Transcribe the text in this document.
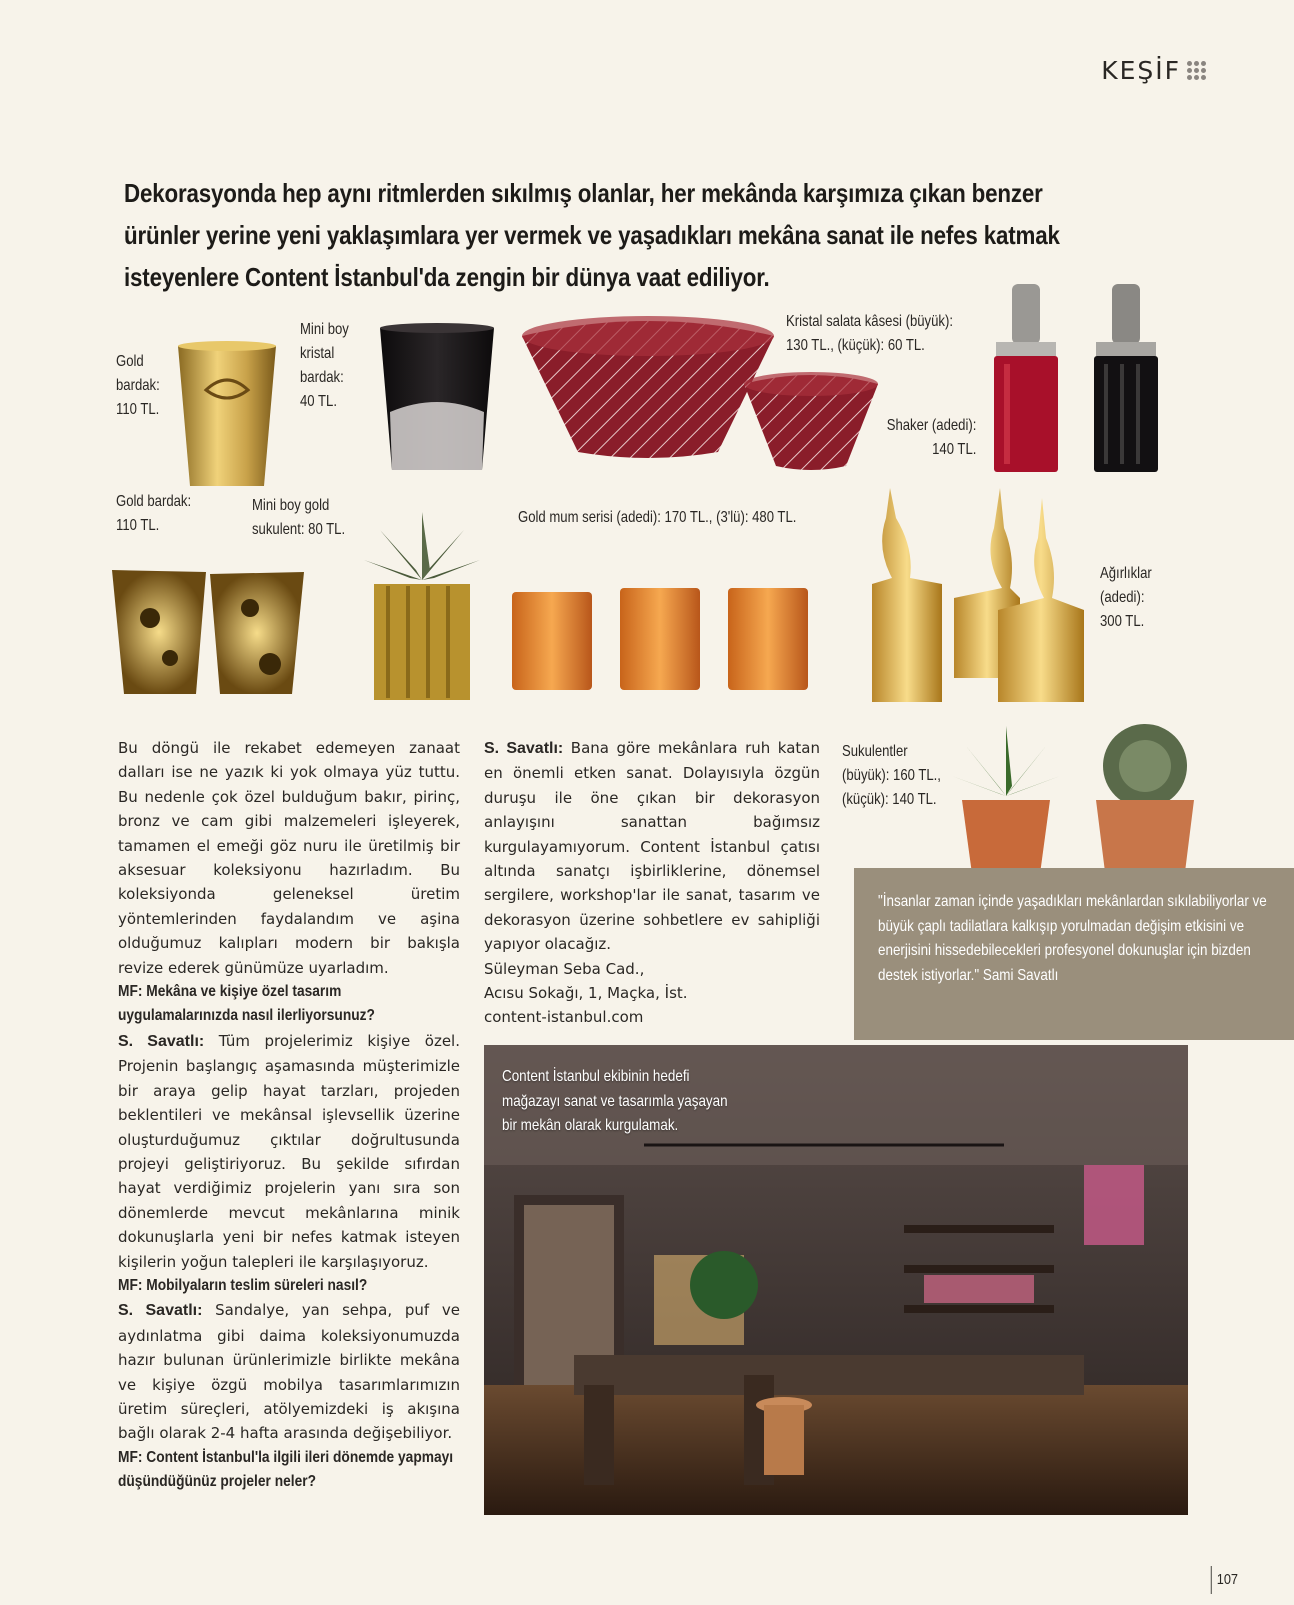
KEŞİF
Dekorasyonda hep aynı ritmlerden sıkılmış olanlar, her mekânda karşımıza çıkan benzer ürünler yerine yeni yaklaşımlara yer vermek ve yaşadıkları mekâna sanat ile nefes katmak isteyenlere Content İstanbul'da zengin bir dünya vaat ediliyor.
Gold
bardak:
110 TL.
Mini boy
kristal
bardak:
40 TL.
Kristal salata kâsesi (büyük):
130 TL., (küçük): 60 TL.
Shaker (adedi):
140 TL.
Gold bardak:
110 TL.
Mini boy gold
sukulent: 80 TL.
Gold mum serisi (adedi): 170 TL., (3'lü): 480 TL.
Ağırlıklar
(adedi):
300 TL.

Bu döngü ile rekabet edemeyen zanaat dalları ise ne yazık ki yok olmaya yüz tuttu. Bu nedenle çok özel bulduğum bakır, pirinç, bronz ve cam gibi malzemeleri işleyerek, tamamen el emeği göz nuru ile üretilmiş bir aksesuar koleksiyonu hazırladım. Bu koleksiyonda geleneksel üretim yöntemlerinden faydalandım ve aşina olduğumuz kalıpları modern bir bakışla revize ederek günümüze uyarladım.

MF: Mekâna ve kişiye özel tasarım uygulamalarınızda nasıl ilerliyorsunuz?

S. Savatlı: Tüm projelerimiz kişiye özel. Projenin başlangıç aşamasında müşterimizle bir araya gelip hayat tarzları, projeden beklentileri ve mekânsal işlevsellik üzerine oluşturduğumuz çıktılar doğrultusunda projeyi geliştiriyoruz. Bu şekilde sıfırdan hayat verdiğimiz projelerin yanı sıra son dönemlerde mevcut mekânlarına minik dokunuşlarla yeni bir nefes katmak isteyen kişilerin yoğun talepleri ile karşılaşıyoruz.

MF: Mobilyaların teslim süreleri nasıl?

S. Savatlı: Sandalye, yan sehpa, puf ve aydınlatma gibi daima koleksiyonumuzda hazır bulunan ürünlerimizle birlikte mekâna ve kişiye özgü mobilya tasarımlarımızın üretim süreçleri, atölyemizdeki iş akışına bağlı olarak 2-4 hafta arasında değişebiliyor.

MF: Content İstanbul'la ilgili ileri dönemde yapmayı düşündüğünüz projeler neler?

S. Savatlı: Bana göre mekânlara ruh katan en önemli etken sanat. Dolayısıyla özgün duruşu ile öne çıkan bir dekorasyon anlayışını sanattan bağımsız kurgulayamıyorum. Content İstanbul çatısı altında sanatçı işbirliklerine, dönemsel sergilere, workshop'lar ile sanat, tasarım ve dekorasyon üzerine sohbetlere ev sahipliği yapıyor olacağız.

Süleyman Seba Cad.,

Acısu Sokağı, 1, Maçka, İst.

content-istanbul.com

Sukulentler
(büyük): 160 TL.,
(küçük): 140 TL.

"İnsanlar zaman içinde yaşadıkları mekânlardan sıkılabiliyorlar ve büyük çaplı tadilatlara kalkışıp yorulmadan değişim etkisini ve enerjisini hissedebilecekleri profesyonel dokunuşlar için bizden destek istiyorlar." Sami Savatlı

Content İstanbul ekibinin hedefi
mağazayı sanat ve tasarımla yaşayan
bir mekân olarak kurgulamak.
107
